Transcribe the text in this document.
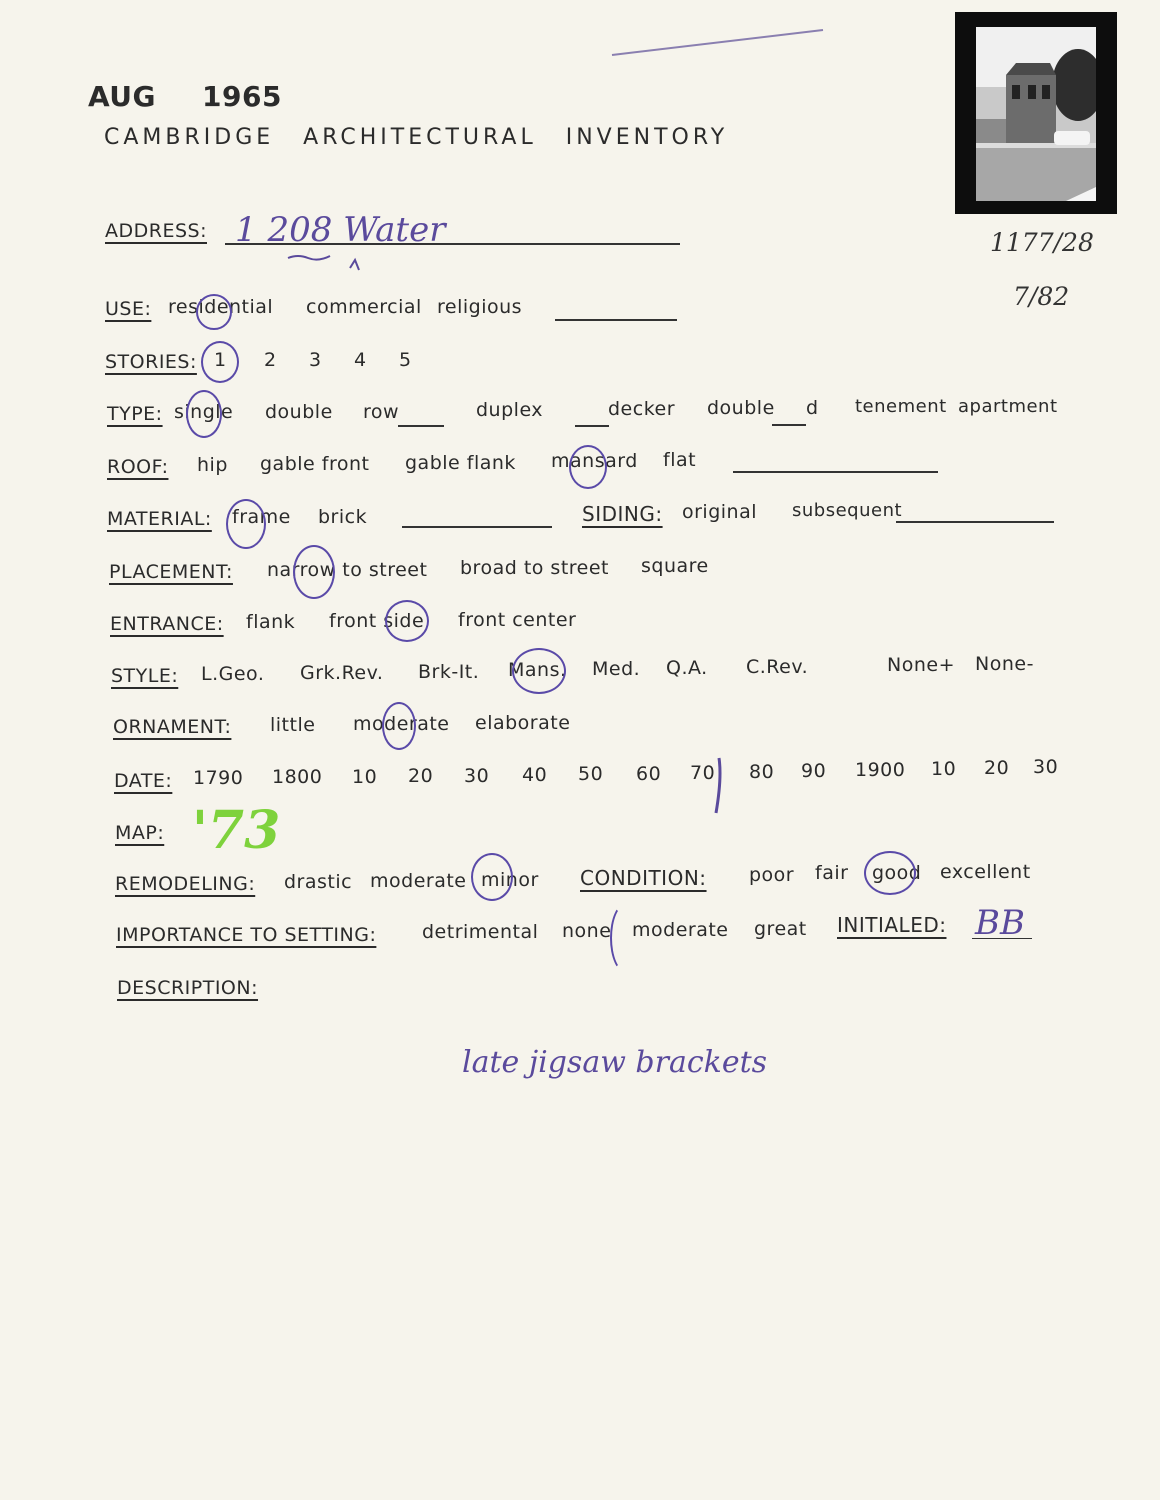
AUG 1965
CAMBRIDGE ARCHITECTURAL INVENTORY
1177/28
7/82
ADDRESS: 1 208 Water
USE: residential commercial religious
STORIES: 1 2 3 4 5
TYPE: single double row	duplex	decker double d tenement apartment
ROOF: hip gable front gable flank mansard flat
MATERIAL: frame brick	SIDING: original subsequent
PLACEMENT: narrow to street broad to street square
ENTRANCE: flank front side front center
STYLE: L.Geo. Grk.Rev. Brk-It. Mans. Med. Q.A. C.Rev.	None+ None-
ORNAMENT: little moderate elaborate
DATE: 1790 1800 10 20 30 40 50 60 70 80 90 1900 10 20 30
MAP: '73
REMODELING: drastic moderate minor CONDITION: poor fair good excellent
IMPORTANCE TO SETTING: detrimental none moderate great INITIALED: BB
DESCRIPTION:
late jigsaw brackets
